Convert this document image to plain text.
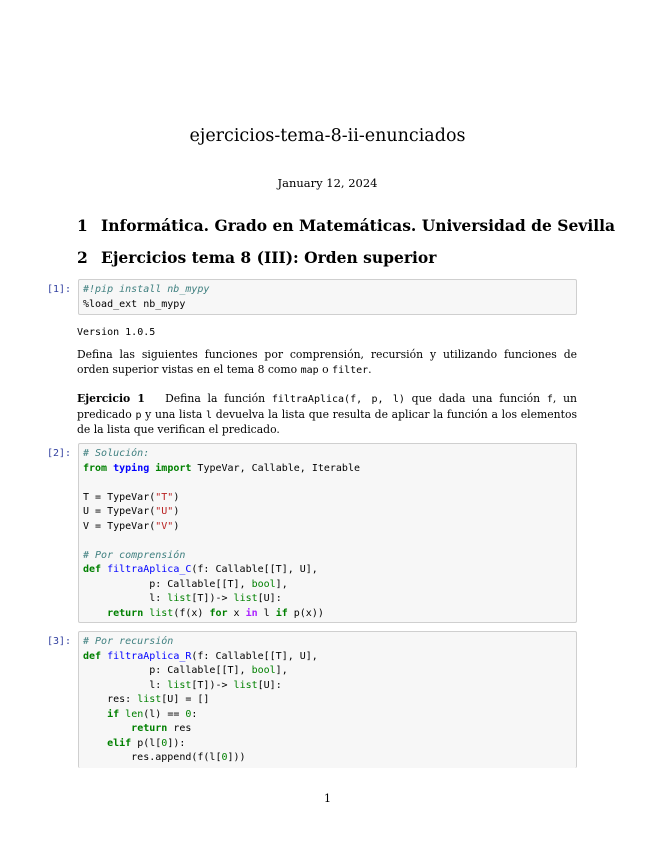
ejercicios-tema-8-ii-enunciados
January 12, 2024
1 Informática. Grado en Matemáticas. Universidad de Sevilla
2 Ejercicios tema 8 (III): Orden superior
[1]: #!pip install nb_mypy
%load_ext nb_mypy
Version 1.0.5
Defina las siguientes funciones por comprensión, recursión y utilizando funciones de orden superior vistas en el tema 8 como map o filter.
Ejercicio 1 Defina la función filtraAplica(f, p, l) que dada una función f, un predicado p y una lista l devuelva la lista que resulta de aplicar la función a los elementos de la lista que verifican el predicado.
[2]: # Solución:
from typing import TypeVar, Callable, Iterable

T = TypeVar("T")
U = TypeVar("U")
V = TypeVar("V")

# Por comprensión
def filtraAplica_C(f: Callable[[T], U],
p: Callable[[T], bool],
l: list[T])-> list[U]:
return list(f(x) for x in l if p(x))
[3]: # Por recursión
def filtraAplica_R(f: Callable[[T], U],
p: Callable[[T], bool],
l: list[T])-> list[U]:
res: list[U] = []
if len(l) == 0:
return res
elif p(l[0]):
res.append(f(l[0]))
1
